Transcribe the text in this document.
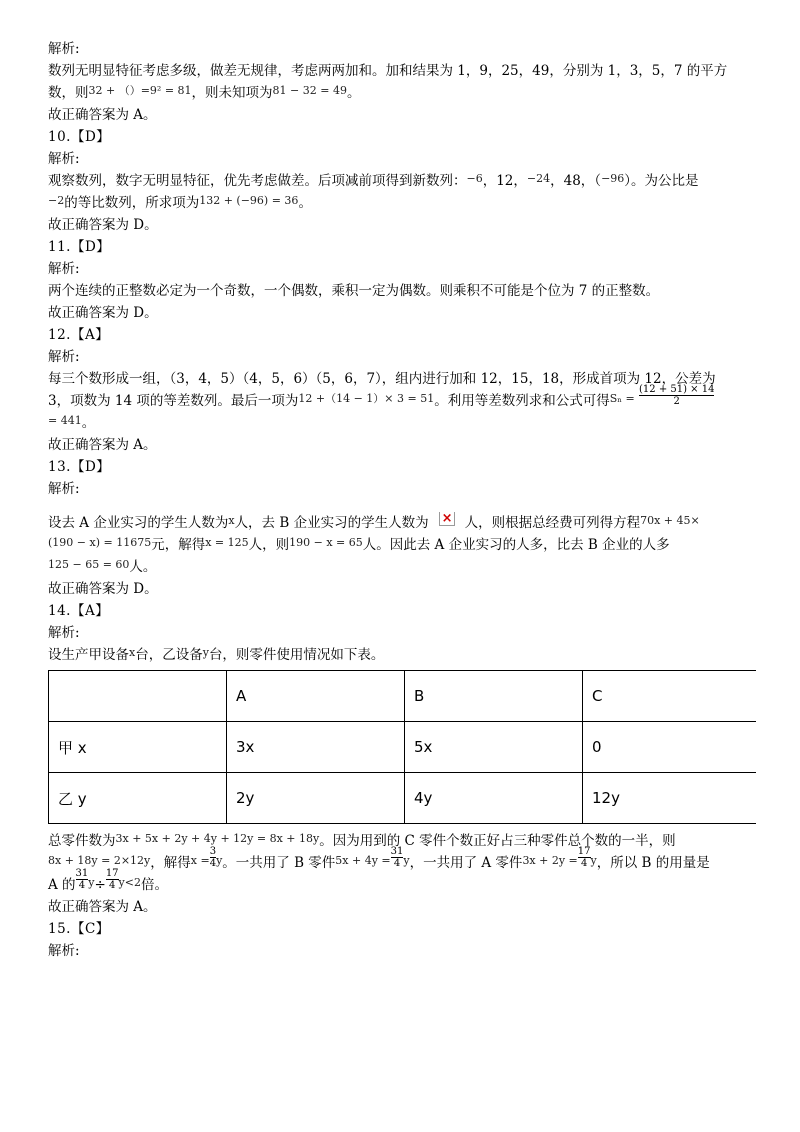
解析:
数列无明显特征考虑多级，做差无规律，考虑两两加和。加和结果为 1，9，25，49，分别为 1，3，5，7 的平方
数，则$^{32 + ()=9^2 = 81}$，则未知项为$^{81 - 32 = 49}$。
故正确答案为 A。
10.【D】
解析:
观察数列，数字无明显特征，优先考虑做差。后项减前项得到新数列：$^{-6}$，12，$^{-24}$，48，（$^{-96}$）。为公比是
$^{-2}$的等比数列，所求项为$^{132 + (-96) = 36}$。
故正确答案为 D。
11.【D】
解析:
两个连续的正整数必定为一个奇数，一个偶数，乘积一定为偶数。则乘积不可能是个位为 7 的正整数。
故正确答案为 D。
12.【A】
解析:
每三个数形成一组，（3，4，5）（4，5，6）（5，6，7），组内进行加和 12，15，18，形成首项为 12，公差为
3，项数为 14 项的等差数列。最后一项为$^{12 +(14 - 1)\times 3 = 51}$。利用等差数列求和公式可得$^{S_n =} \frac{(12 + 51) \times 14}{2}$
$^{= 441}$。
故正确答案为 A。
13.【D】
解析:
设去 A 企业实习的学生人数为$^x$人，去 B 企业实习的学生人数为 ×	人，则根据总经费可列得方程$^{70x + 45\times}$
$^{(190 - x) = 11675}$元，解得$^{x = 125}$人，则$^{190 - x = 65}$人。因此去 A 企业实习的人多，比去 B 企业的人多
$^{125 - 65 = 60}$人。
故正确答案为 D。
14.【A】
解析:
设生产甲设备$^x$台，乙设备$^y$台，则零件使用情况如下表。
	A	B	C
甲 x	3x	5x	0
乙 y	2y	4y	12y
总零件数为$^{3x + 5x + 2y + 4y + 12y = 8x + 18y}$。因为用到的 C 零件个数正好占三种零件总个数的一半，则
$^{8x + 18y = 2\times 12y}$，解得$^{x =} \frac{3}{4} ^y$。一共用了 B 零件$^{5x + 4y =} \frac{31}{4} ^y$，一共用了 A 零件$^{3x + 2y =} \frac{17}{4} ^y$，所以 B 的用量是
A 的 $\frac{31}{4} ^y\div \frac{17}{4} ^{y<2}$倍。
故正确答案为 A。
15.【C】
解析:
